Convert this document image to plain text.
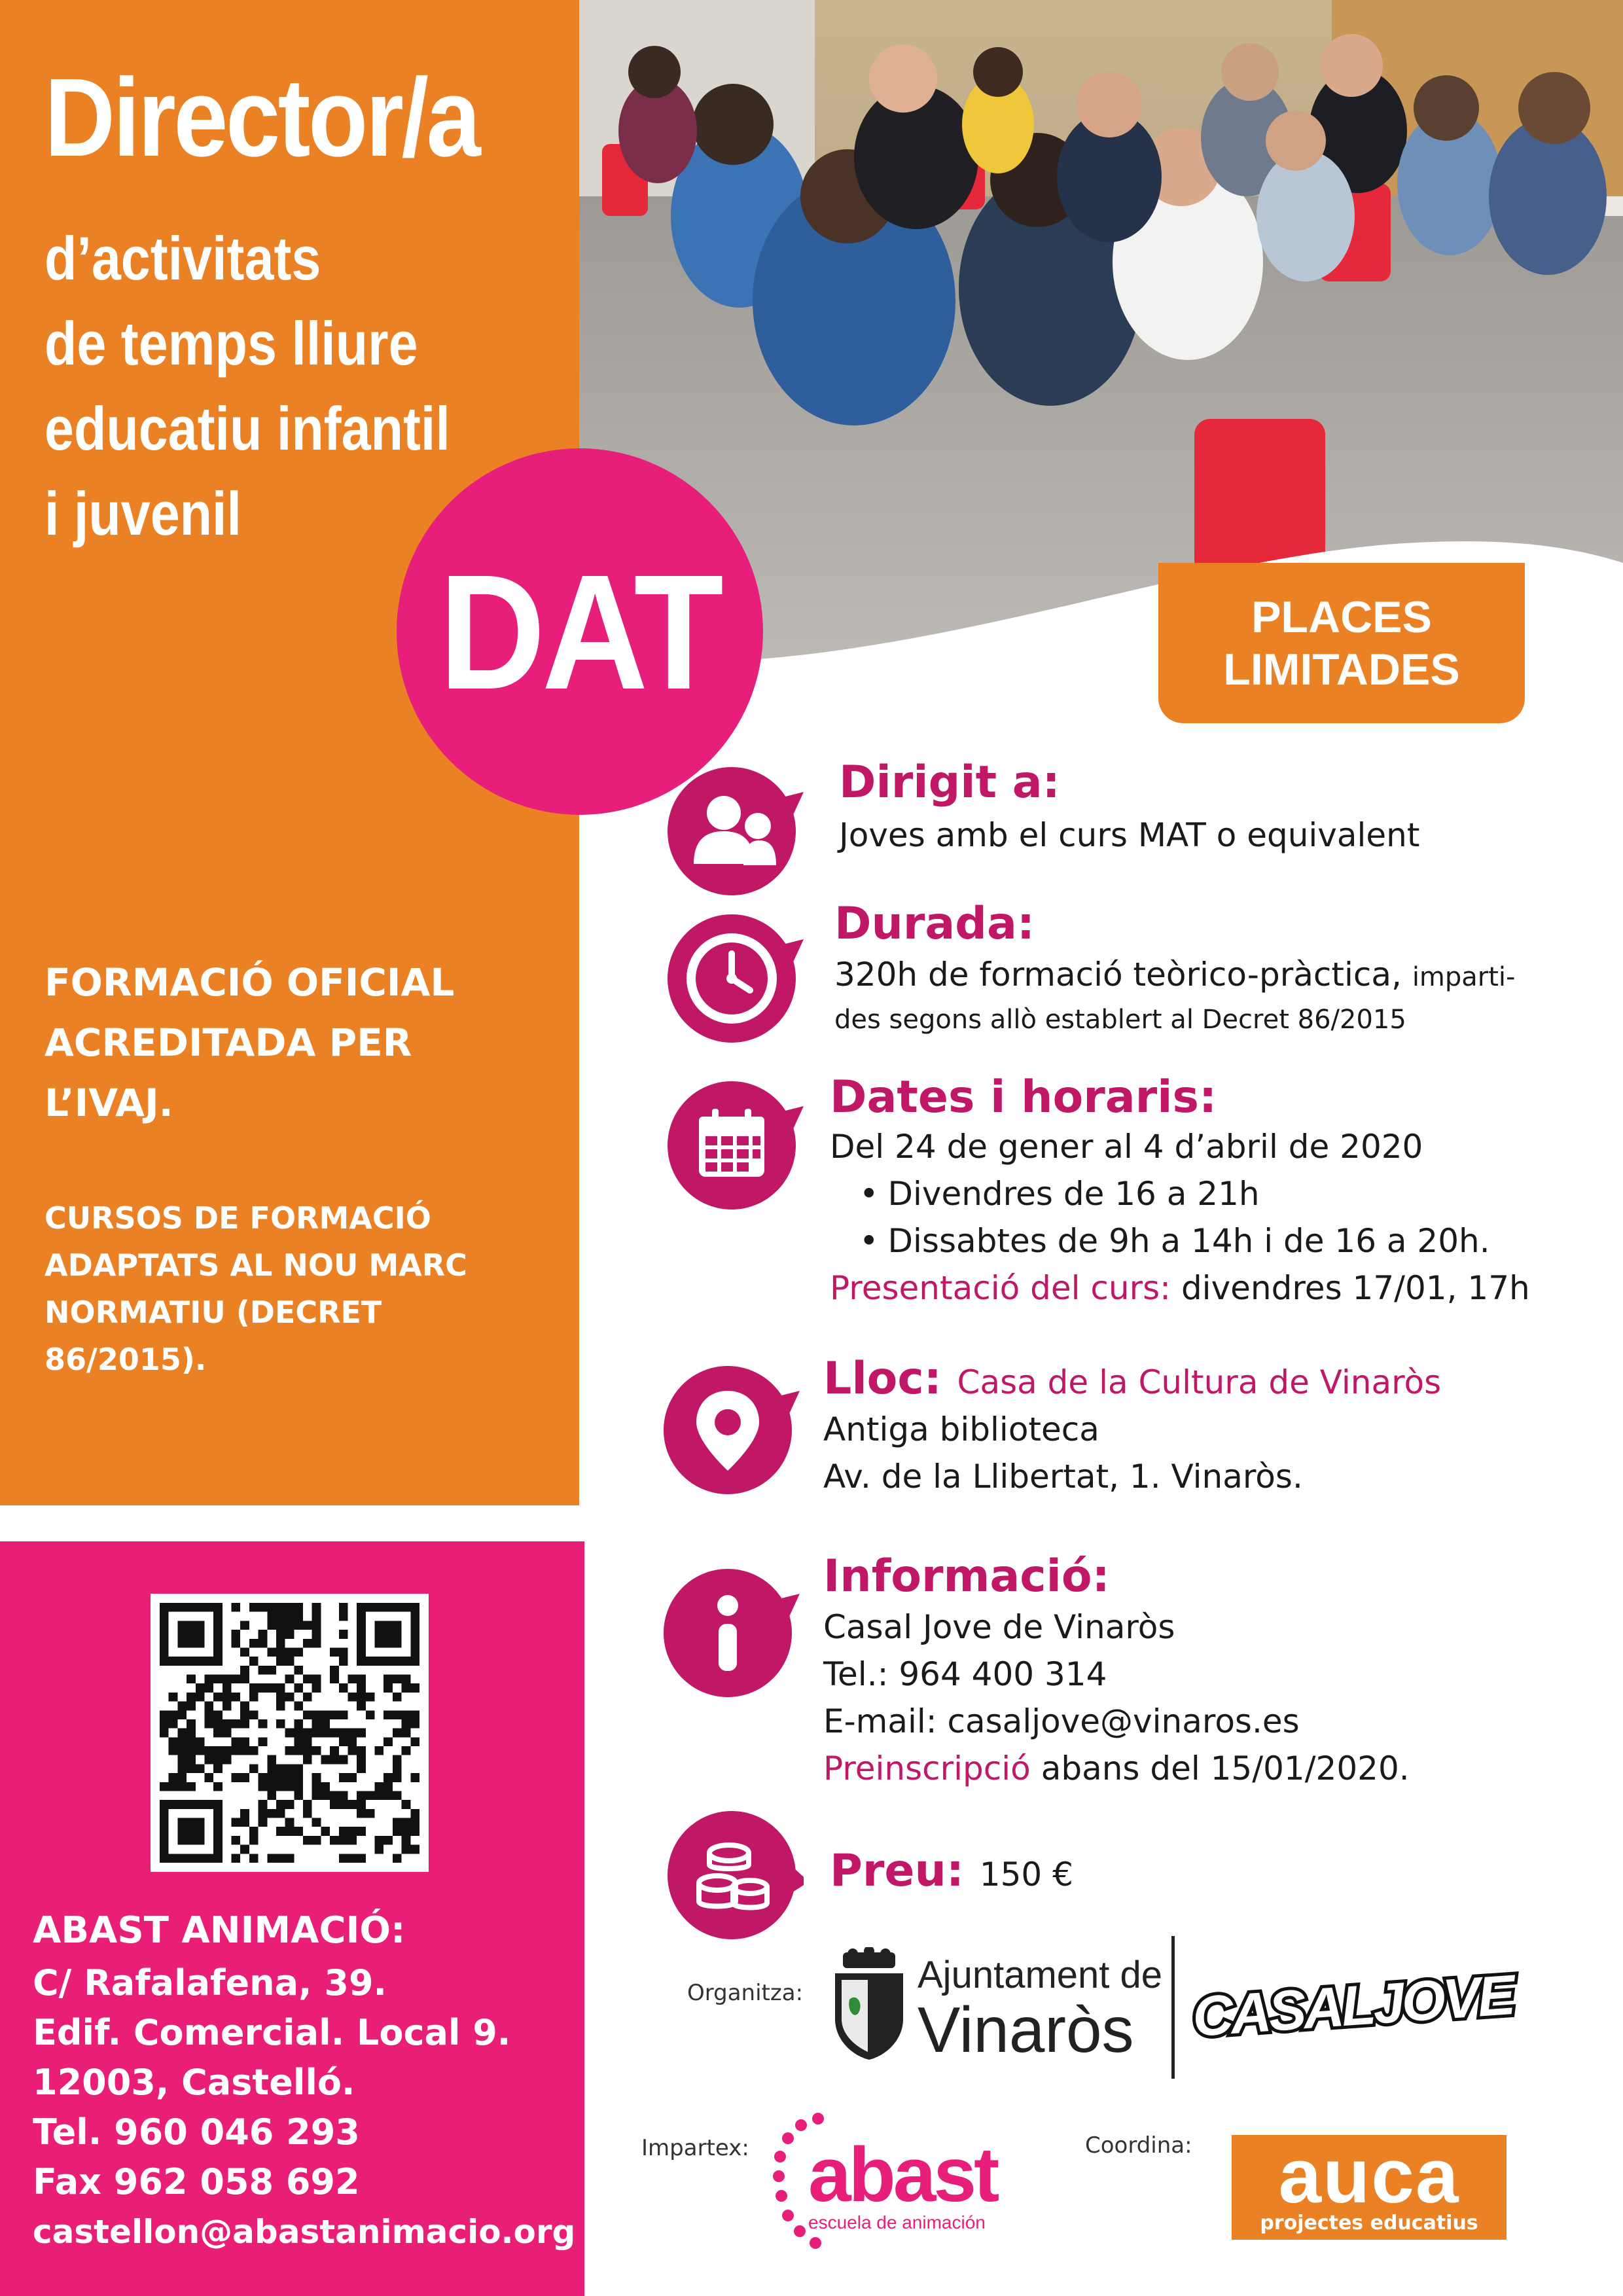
Director/a
d’activitats
de temps lliure
educatiu infantil
i juvenil
FORMACIÓ OFICIAL
ACREDITADA PER
L’IVAJ.
CURSOS DE FORMACIÓ
ADAPTATS AL NOU MARC
NORMATIU (DECRET
86/2015).
ABAST ANIMACIÓ:
C/ Rafalafena, 39.
Edif. Comercial. Local 9.
12003, Castelló.
Tel. 960 046 293
Fax 962 058 692
castellon@abastanimacio.org
DAT	PLACES
LIMITADES
Dirigit a:
Joves amb el curs MAT o equivalent
Durada:
320h de formació teòrico-pràctica, imparti-
des segons allò establert al Decret 86/2015
Dates i horaris:
Del 24 de gener al 4 d’abril de 2020
• Divendres de 16 a 21h
• Dissabtes de 9h a 14h i de 16 a 20h.
Presentació del curs: divendres 17/01, 17h
Lloc: Casa de la Cultura de Vinaròs
Antiga biblioteca
Av. de la Llibertat, 1. Vinaròs.
Informació:
Casal Jove de Vinaròs
Tel.: 964 400 314
E-mail: casaljove@vinaros.es
Preinscripció abans del 15/01/2020.
Preu: 150 €
Organitza:	Ajuntament de
Vinaròs	CASALJOVE
Impartex: abast
escuela de animación
Coordina: auca
projectes educatius
